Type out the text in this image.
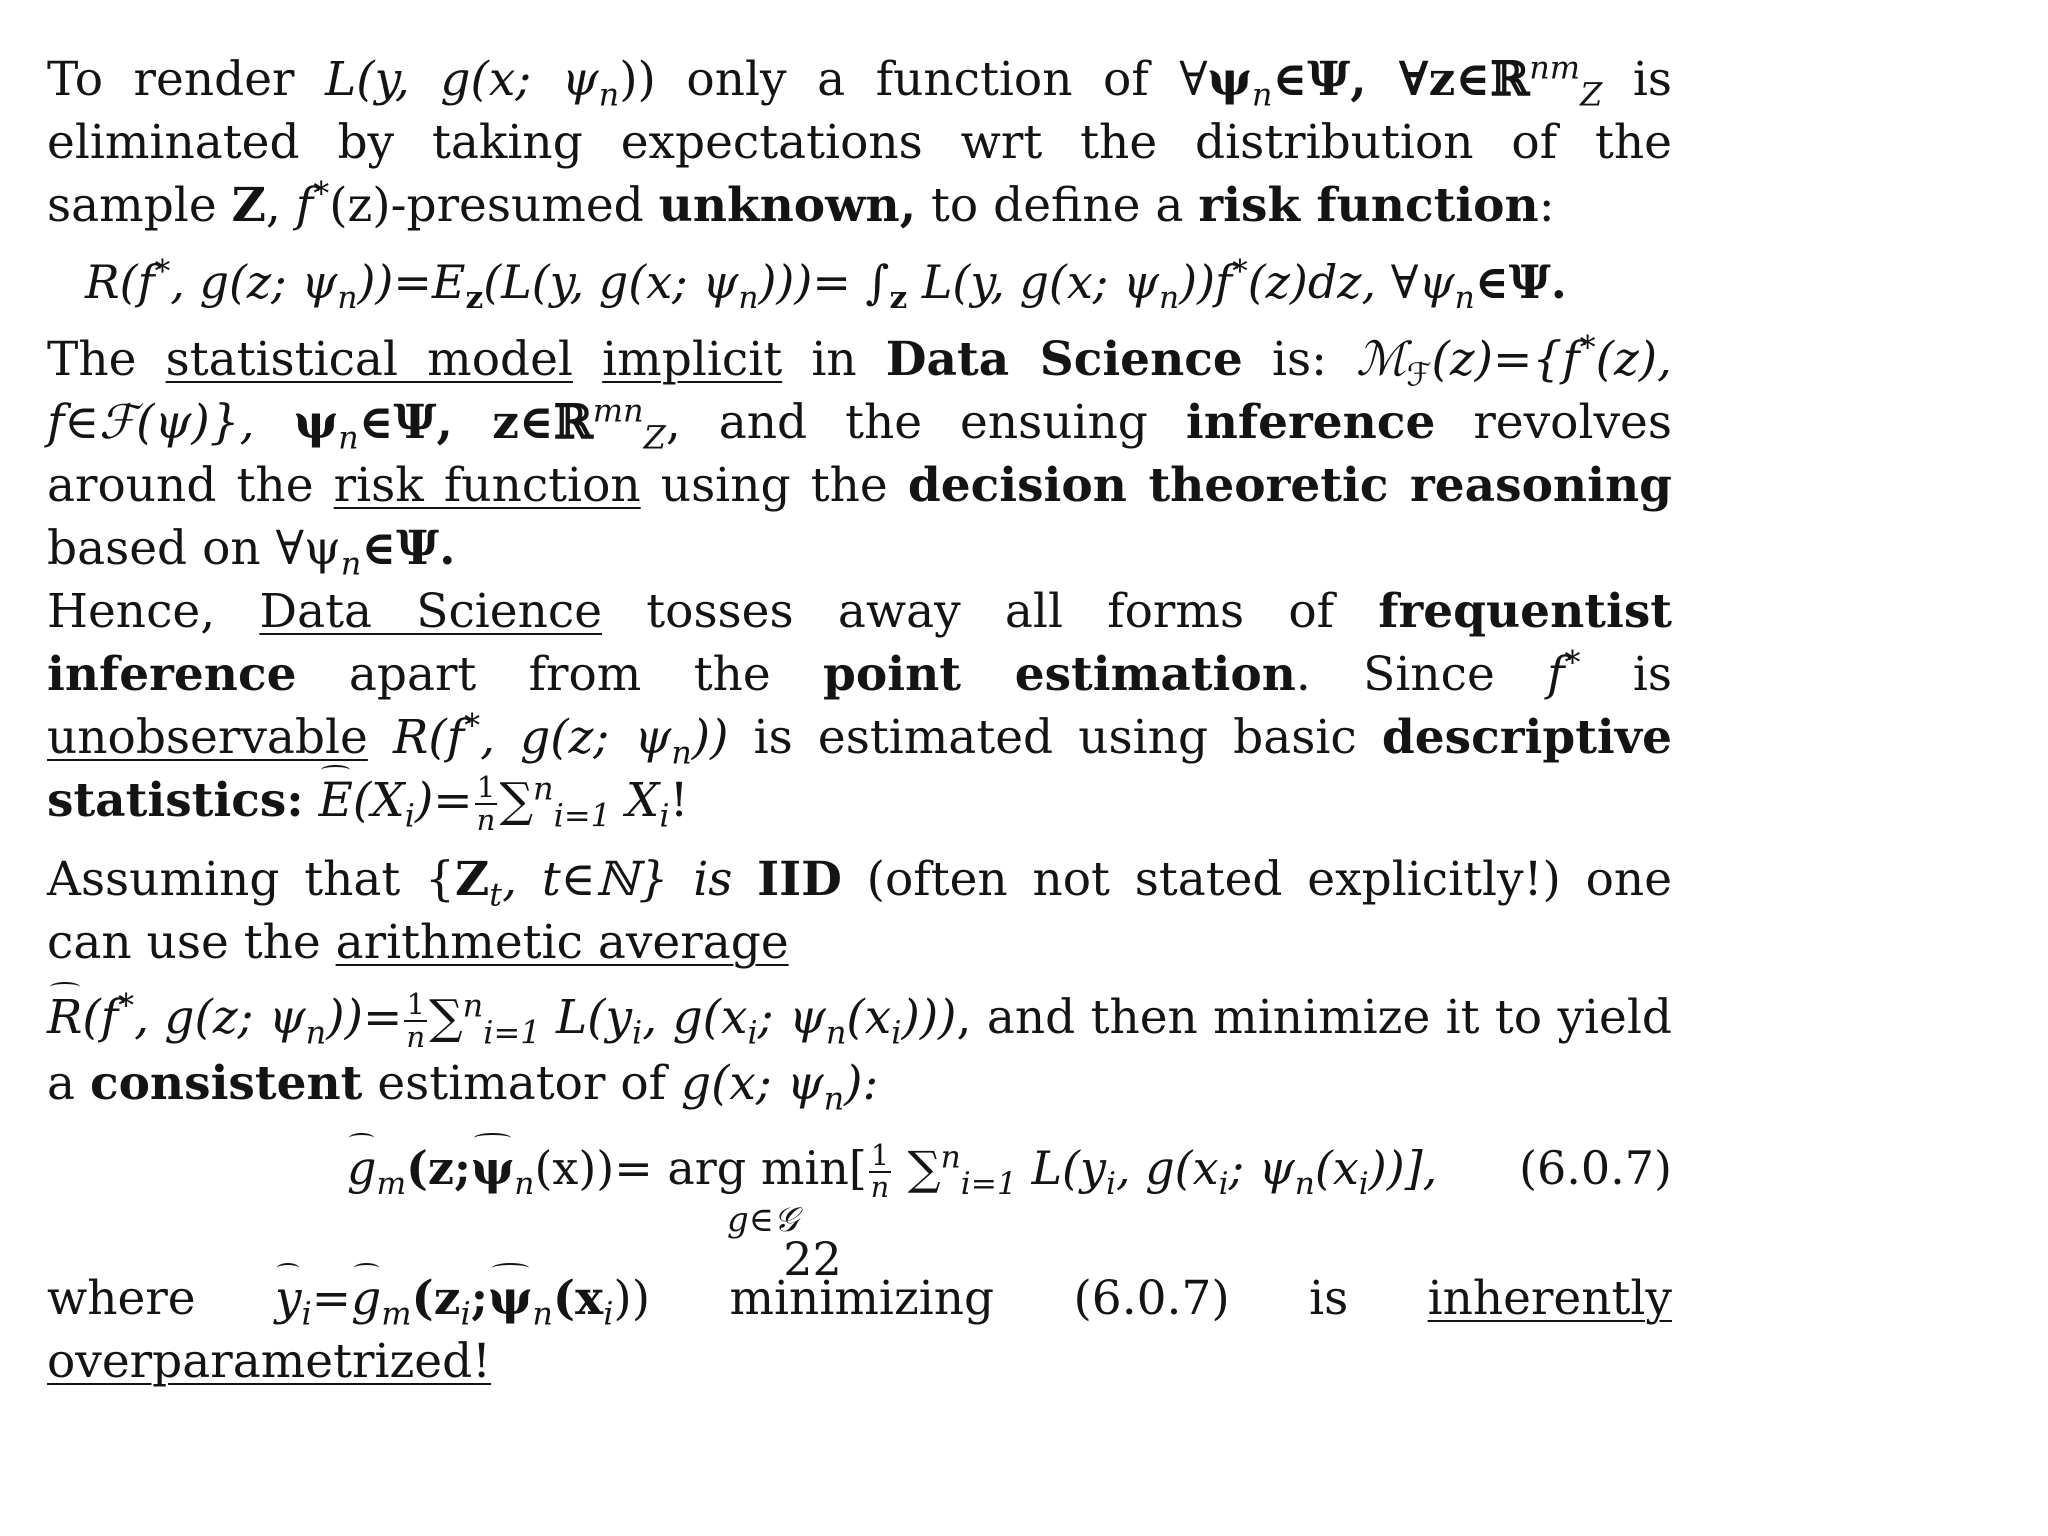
To render L(y, g(x; $\psi_n$)) only a function of $\forall\psi_n\in\Psi$, ∀z∈ℝ$^{nm}_Z$ is eliminated by taking expectations wrt the distribution of the sample Z, f*(z)-presumed unknown, to define a risk function:

R(f*, g(z; $\psi_n))=E_z(L(y$, g(x; $\psi_n)))= \int_z$ L(y, g(x; $\psi_n))f^*(z)dz$, $\forall\psi_n\in\Psi$.

The statistical model implicit in Data Science is: ℳ$_ℱ$(z)={f*(z), f∈ℱ(ψ)}, $\psi_n\in\Psi$, z∈ℝ$^{mn}_Z$, and the ensuing inference revolves around the risk function using the decision theoretic reasoning based on $\forall\psi_n\in\Psi$.

Hence, Data Science tosses away all forms of frequentist inference apart from the point estimation. Since f* is unobservable R(f*, g(z; $\psi_n$)) is estimated using basic descriptive statistics: $E(X_i)= \frac{1}{n} \sum^n_{i=1}$ $X_i$!

Assuming that {$Z_t$, t∈ℕ} is IID (often not stated explicitly!) one can use the arithmetic average

R(f*, g(z; $\psi_n))= \frac{1}{n} \sum^n_{i=1}$ $L(y_i$, $g(x_i$; $\psi_n(x_i)$)), and then minimize it to yield a consistent estimator of g(x; $\psi_n$):

$g_m(z;\psi_n(x))=$ arg $\min[ \frac{1}{n} \sum^n_{i=1}$ $L(y_i$, $g(x_i$; $\psi_n(x_i)$)],
g∈𝒢
(6.0.7)

where $y_i=g_m(z_i;\psi_n(x_i))$ minimizing (6.0.7) is inherently overparametrized!

22
